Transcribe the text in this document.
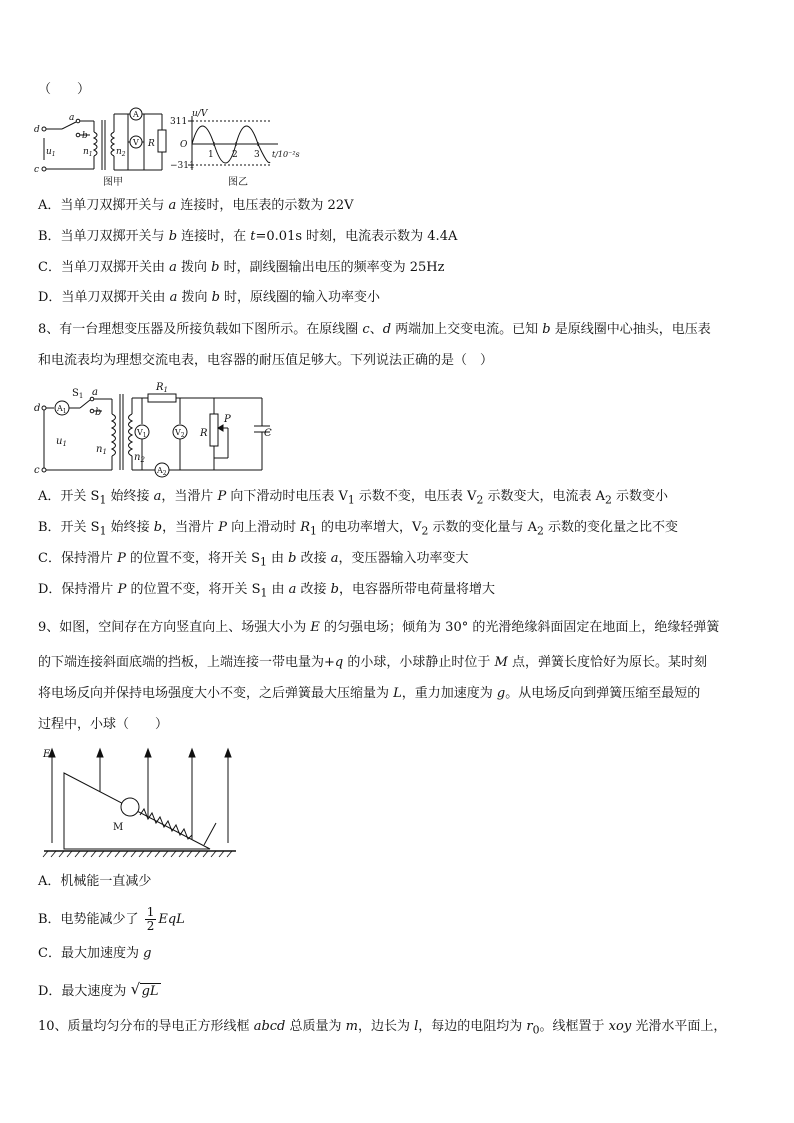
（　　）
d
c
a
b
$u_1$	$n_1$	$n_2$
A
V R
图甲
u/V
311
O
−311
1 2 3 t/10⁻²s
图乙
A．当单刀双掷开关与 a 连接时，电压表的示数为 22V
B．当单刀双掷开关与 b 连接时，在 t=0.01s 时刻，电流表示数为 4.4A
C．当单刀双掷开关由 a 拨向 b 时，副线圈输出电压的频率变为 25Hz
D．当单刀双掷开关由 a 拨向 b 时，原线圈的输入功率变小
8、有一台理想变压器及所接负载如下图所示。在原线圈 c、d 两端加上交变电流。已知 b 是原线圈中心抽头，电压表
和电流表均为理想交流电表，电容器的耐压值足够大。下列说法正确的是（　）
d
c
$A_1$
$S_1$ a
b
$u_1$	$n_1$	$n_2$
$R_1$
$V_1$	$V_2$
$A_2$
R
P
C
A．开关 $S_1$ 始终接 a，当滑片 P 向下滑动时电压表 $V_1$ 示数不变，电压表 $V_2$ 示数变大，电流表 $A_2$ 示数变小
B．开关 $S_1$ 始终接 b，当滑片 P 向上滑动时 $R_1$ 的电功率增大，$V_2$ 示数的变化量与 $A_2$ 示数的变化量之比不变
C．保持滑片 P 的位置不变，将开关 $S_1$ 由 b 改接 a，变压器输入功率变大
D．保持滑片 P 的位置不变，将开关 $S_1$ 由 a 改接 b，电容器所带电荷量将增大
9、如图，空间存在方向竖直向上、场强大小为 E 的匀强电场；倾角为 30° 的光滑绝缘斜面固定在地面上，绝缘轻弹簧
的下端连接斜面底端的挡板，上端连接一带电量为+q 的小球，小球静止时位于 M 点，弹簧长度恰好为原长。某时刻
将电场反向并保持电场强度大小不变，之后弹簧最大压缩量为 L，重力加速度为 g。从电场反向到弹簧压缩至最短的
过程中，小球（　　）
E
M
A．机械能一直减少
B．电势能减少了 $\frac{1}{2}$ EqL
C．最大加速度为 g
D．最大速度为 √ gL
10、质量均匀分布的导电正方形线框 abcd 总质量为 m，边长为 l，每边的电阻均为 $r_0$。线框置于 xoy 光滑水平面上，
